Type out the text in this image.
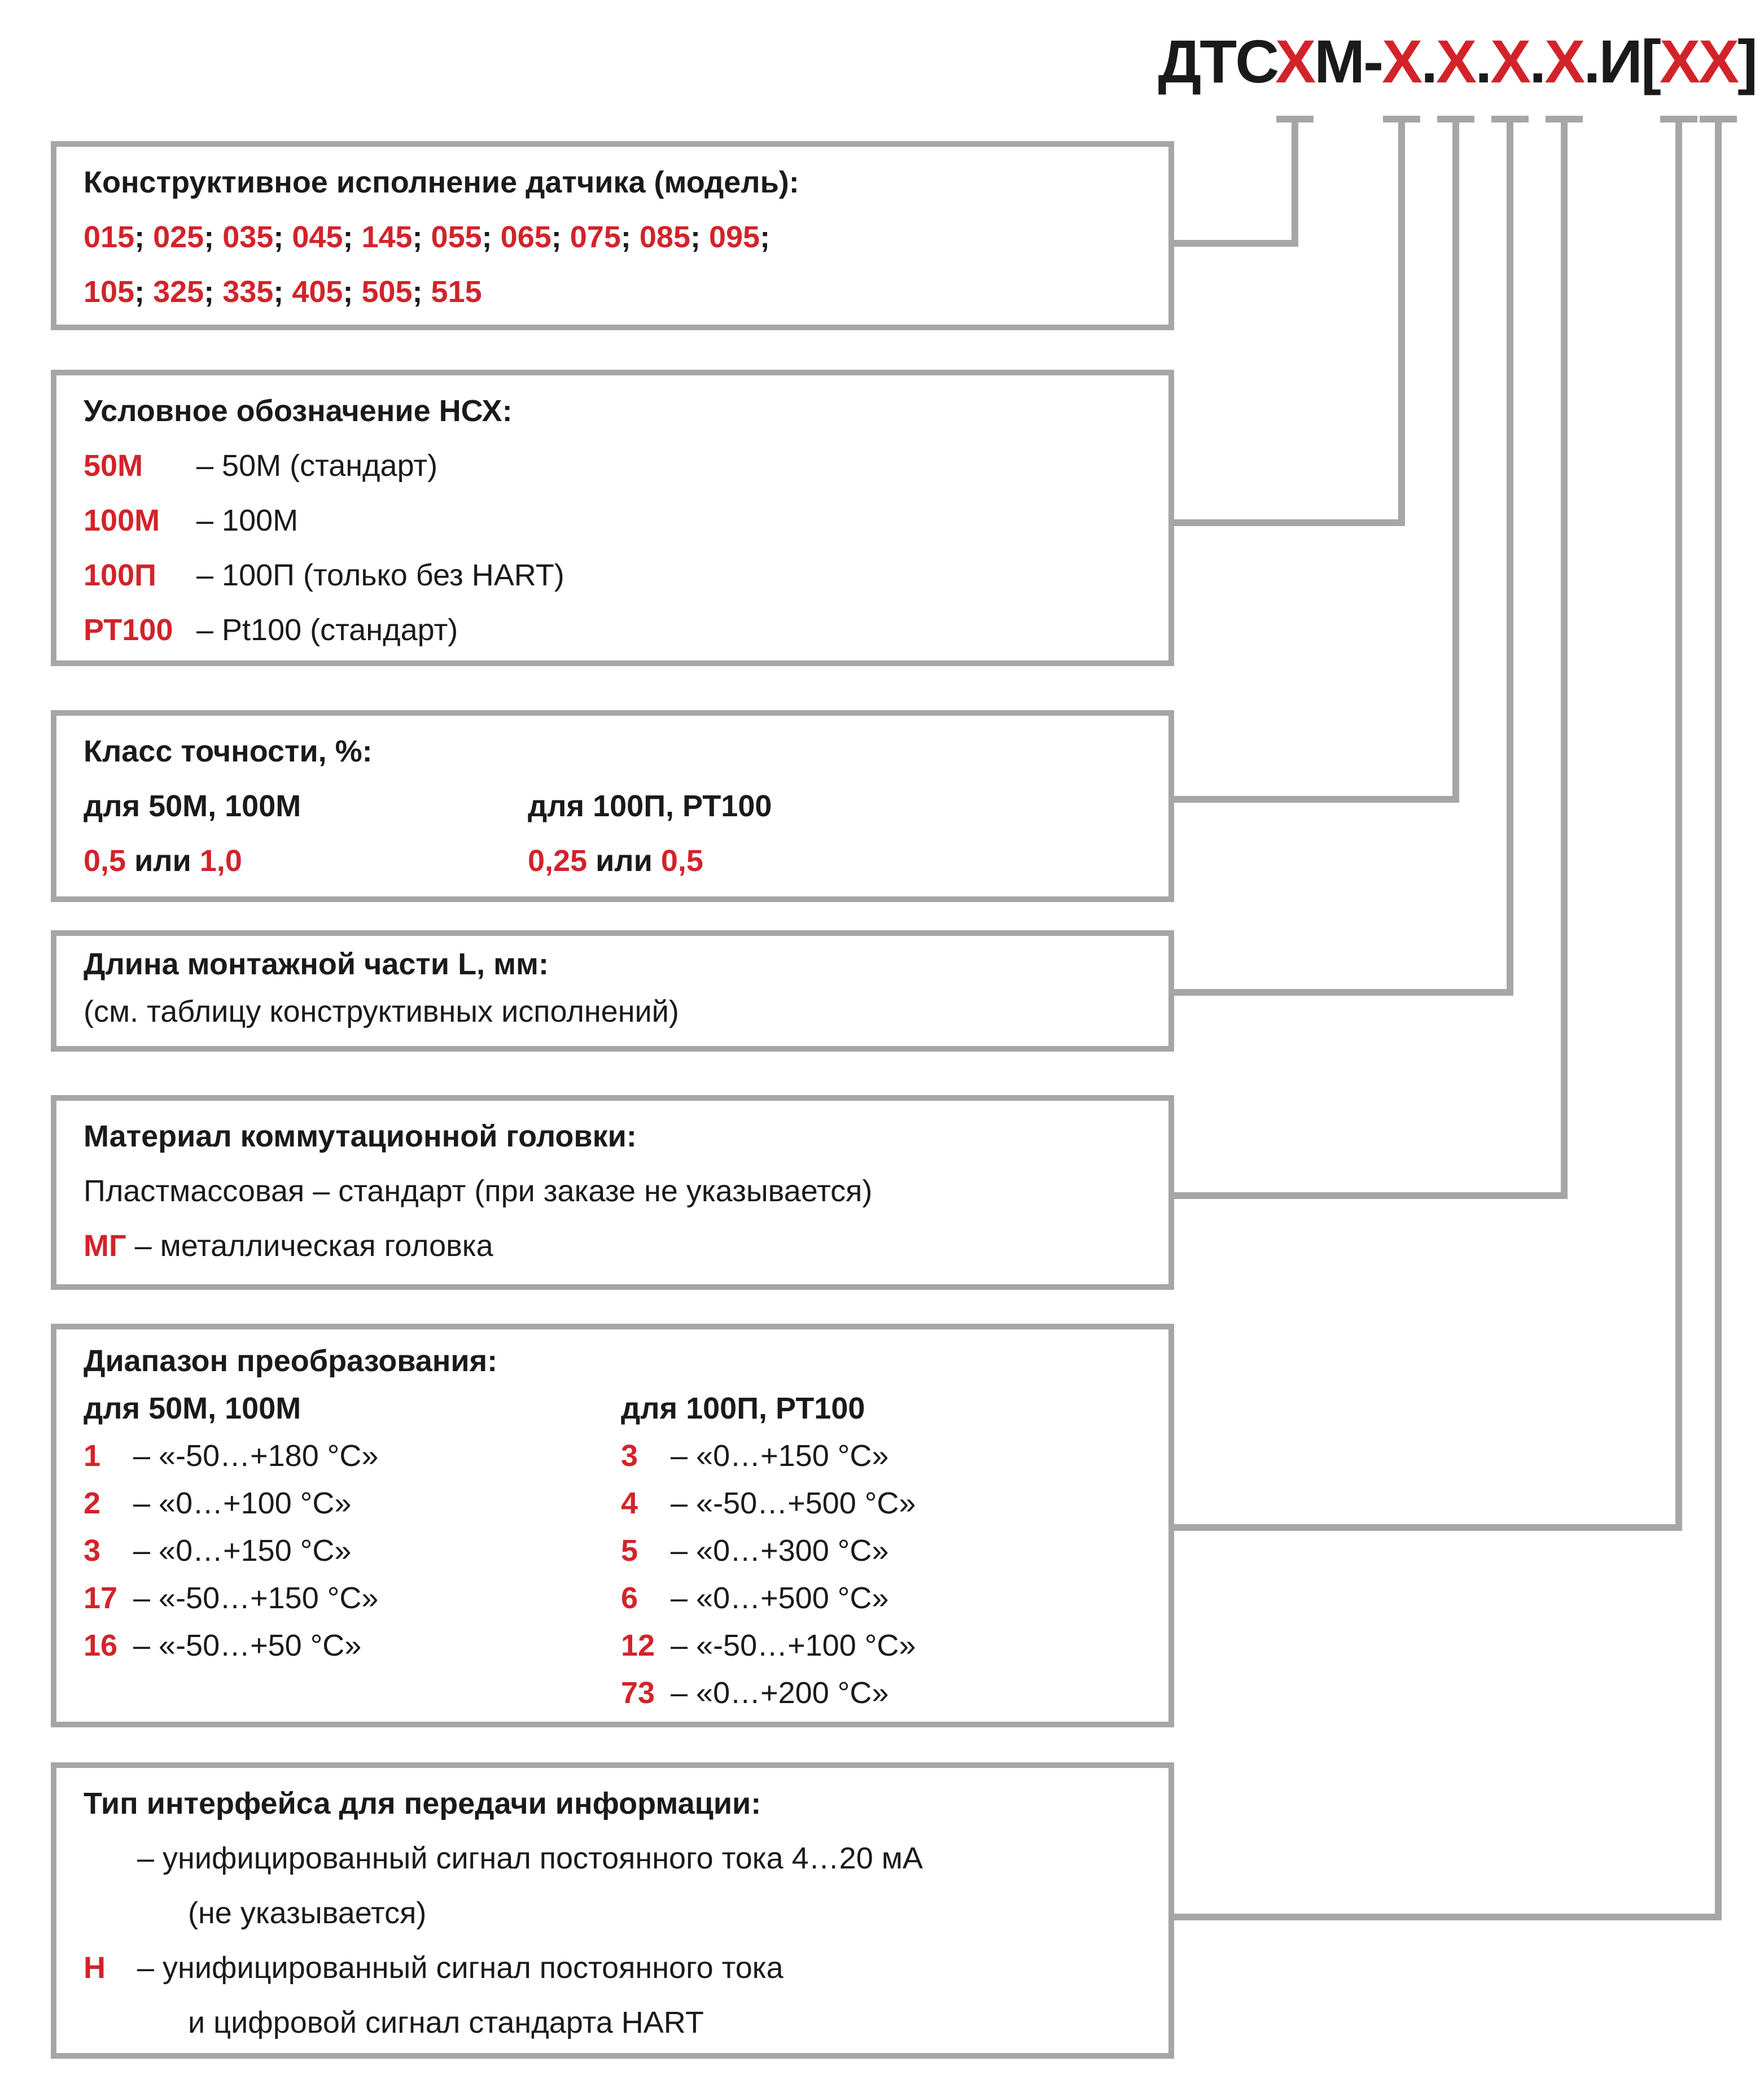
ДТСХМ-Х.Х.Х.Х.И[ХХ]
Конструктивное исполнение датчика (модель):
015 ; 025 ; 035 ; 045 ; 145 ; 055 ; 065 ; 075 ; 085 ; 095 ;
105 ; 325 ; 335 ; 405 ; 505 ; 515
Условное обозначение НСХ:
50М	– 50М (стандарт)
100М	– 100М
100П	– 100П (только без HART)
РТ100 – Pt100 (стандарт)
Класс точности, %:
для 50М, 100М	для 100П, РТ100
0,5 или 1,0	0,25 или 0,5
Длина монтажной части L, мм:
(см. таблицу конструктивных исполнений)
Материал коммутационной головки:
Пластмассовая – стандарт (при заказе не указывается)
МГ – металлическая головка
Диапазон преобразования:
для 50М, 100М
1	– «-50…+180 °C»
2	– «0…+100 °C»
3	– «0…+150 °C»
17 – «-50…+150 °C»
16 – «-50…+50 °C»
для 100П, РТ100
3	– «0…+150 °C»
4	– «-50…+500 °C»
5	– «0…+300 °C»
6	– «0…+500 °C»
12 – «-50…+100 °C»
73 – «0…+200 °C»
Тип интерфейса для передачи информации:
– унифицированный сигнал постоянного тока 4…20 мА
(не указывается)
Н	– унифицированный сигнал постоянного тока
и цифровой сигнал стандарта HART
